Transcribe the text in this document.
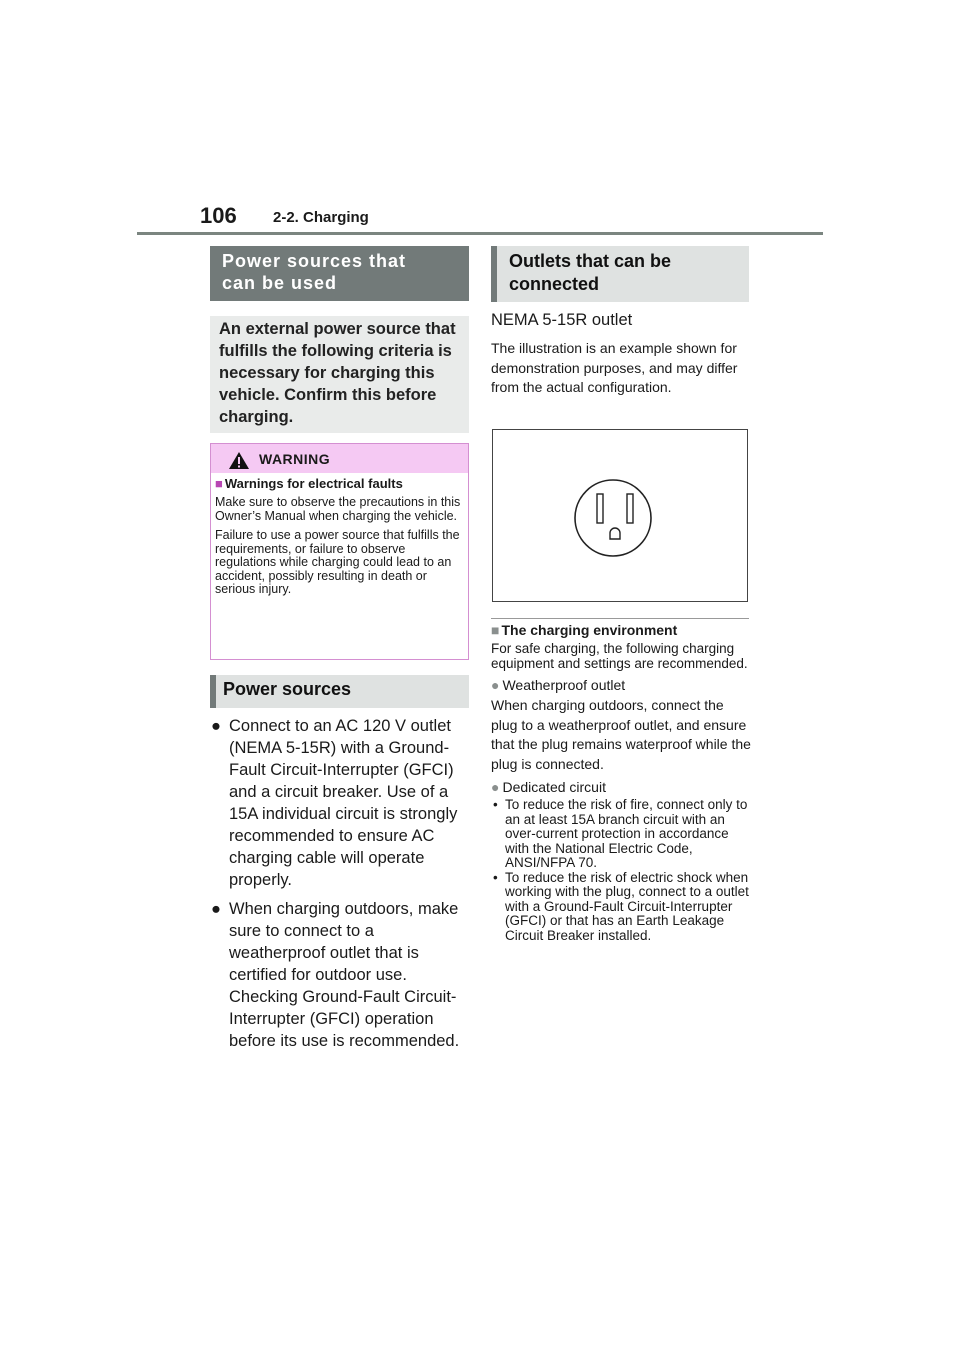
106 2-2. Charging
Power sources that can be used
An external power source that fulfills the following criteria is necessary for charging this vehicle. Confirm this before charging.
WARNING
■ Warnings for electrical faults

Make sure to observe the precautions in this Owner’s Manual when charging the vehicle.

Failure to use a power source that fulfills the requirements, or failure to observe regulations while charging could lead to an accident, possibly resulting in death or serious injury.

Power sources
● Connect to an AC 120 V outlet (NEMA 5-15R) with a Ground-Fault Circuit-Interrupter (GFCI) and a circuit breaker. Use of a 15A individual circuit is strongly recommended to ensure AC charging cable will operate properly.
● When charging outdoors, make sure to connect to a weatherproof outlet that is certified for outdoor use. Checking Ground-Fault Circuit-Interrupter (GFCI) operation before its use is recommended.
Outlets that can be connected
NEMA 5-15R outlet
The illustration is an example shown for demonstration purposes, and may differ from the actual configuration.
■ The charging environment

For safe charging, the following charging equipment and settings are recommended.

● Weatherproof outlet

When charging outdoors, connect the plug to a weatherproof outlet, and ensure that the plug remains waterproof while the plug is connected.

● Dedicated circuit
• To reduce the risk of fire, connect only to an at least 15A branch circuit with an over-current protection in accordance with the National Electric Code, ANSI/NFPA 70.
• To reduce the risk of electric shock when working with the plug, connect to a outlet with a Ground-Fault Circuit-Interrupter (GFCI) or that has an Earth Leakage Circuit Breaker installed.
